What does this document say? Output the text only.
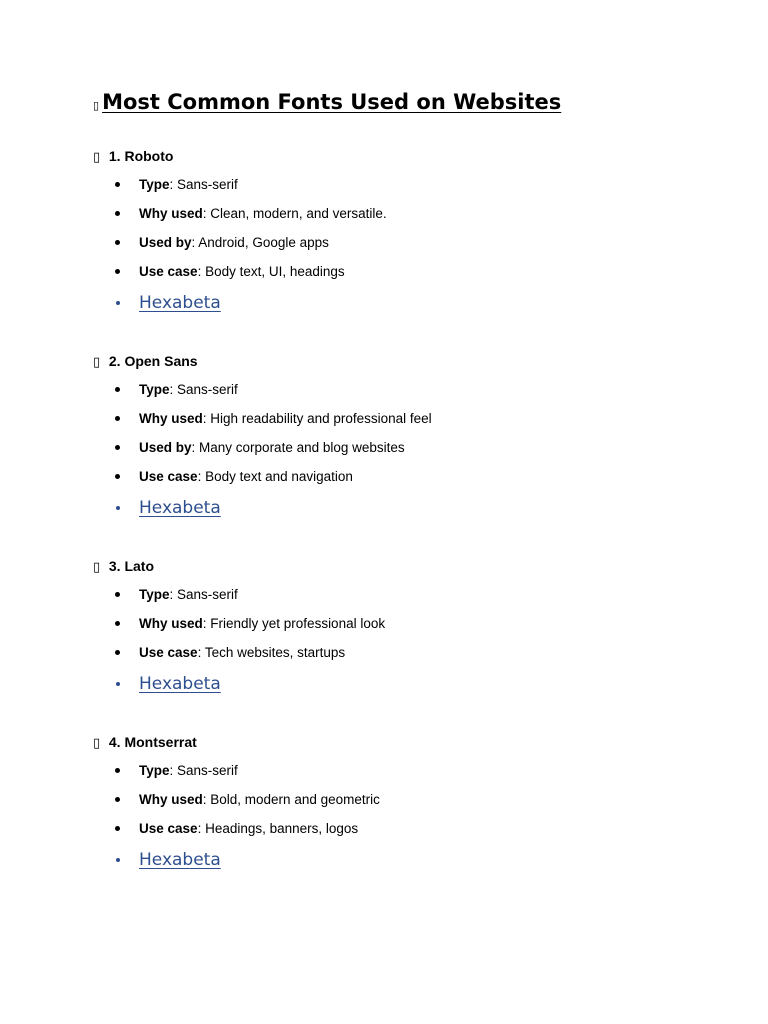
▯ Most Common Fonts Used on Websites
▯ 1. Roboto
Type: Sans-serif
Why used: Clean, modern, and versatile.
Used by: Android, Google apps
Use case: Body text, UI, headings
Hexabeta
▯ 2. Open Sans
Type: Sans-serif
Why used: High readability and professional feel
Used by: Many corporate and blog websites
Use case: Body text and navigation
Hexabeta
▯ 3. Lato
Type: Sans-serif
Why used: Friendly yet professional look
Use case: Tech websites, startups
Hexabeta
▯ 4. Montserrat
Type: Sans-serif
Why used: Bold, modern and geometric
Use case: Headings, banners, logos
Hexabeta
